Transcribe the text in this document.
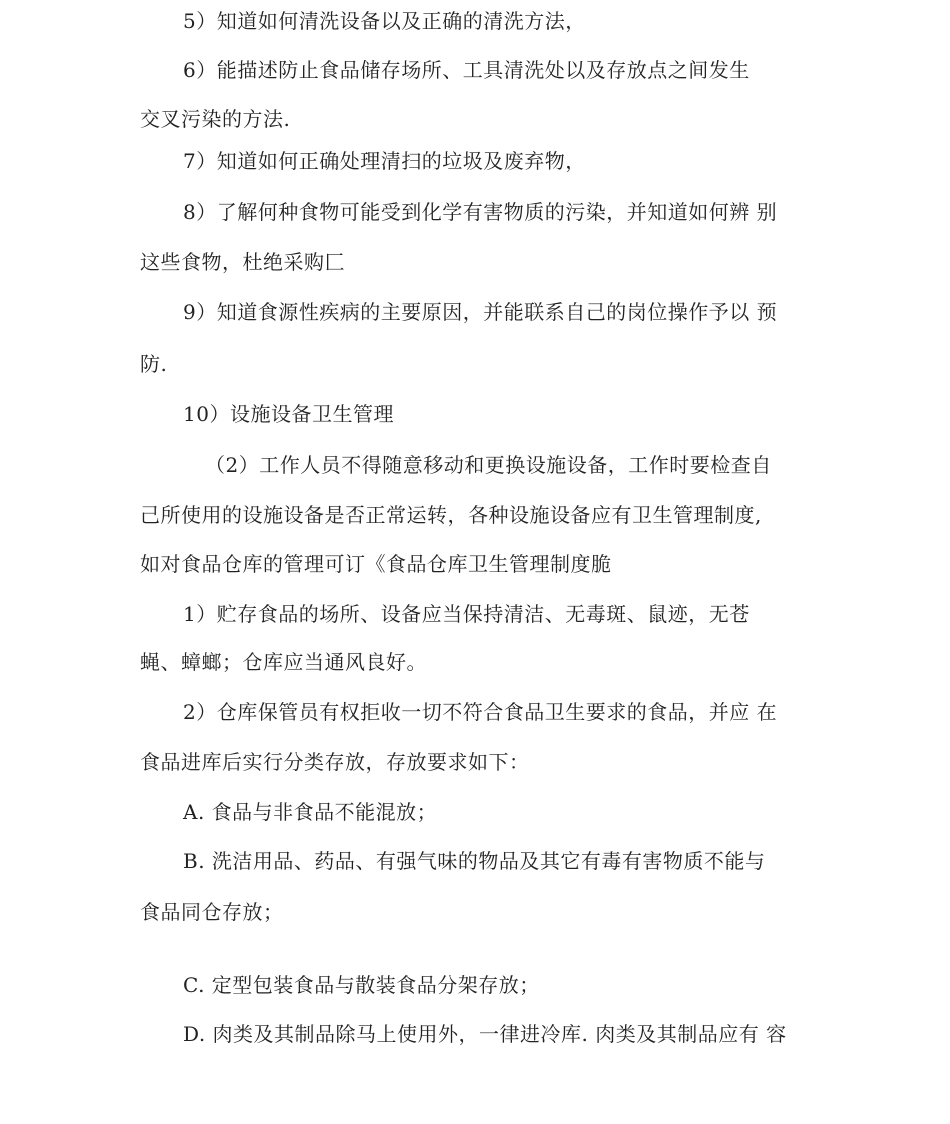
5）知道如何清洗设备以及正确的清洗方法，
6）能描述防止食品储存场所、工具清洗处以及存放点之间发生
交叉污染的方法.
7）知道如何正确处理清扫的垃圾及废弃物，
8）了解何种食物可能受到化学有害物质的污染，并知道如何辨 别
这些食物，杜绝采购匚
9）知道食源性疾病的主要原因，并能联系自己的岗位操作予以 预
防.
10）设施设备卫生管理
（2）工作人员不得随意移动和更换设施设备，工作时要检查自
己所使用的设施设备是否正常运转，各种设施设备应有卫生管理制度,
如对食品仓库的管理可订《食品仓库卫生管理制度脆
1）贮存食品的场所、设备应当保持清洁、无毒斑、鼠迹，无苍
蝇、蟑螂；仓库应当通风良好。
2）仓库保管员有权拒收一切不符合食品卫生要求的食品，并应 在
食品进库后实行分类存放，存放要求如下：
A. 食品与非食品不能混放；
B. 洗洁用品、药品、有强气味的物品及其它有毒有害物质不能与
食品同仓存放；
C. 定型包装食品与散装食品分架存放；
D. 肉类及其制品除马上使用外，一律进冷库. 肉类及其制品应有 容
